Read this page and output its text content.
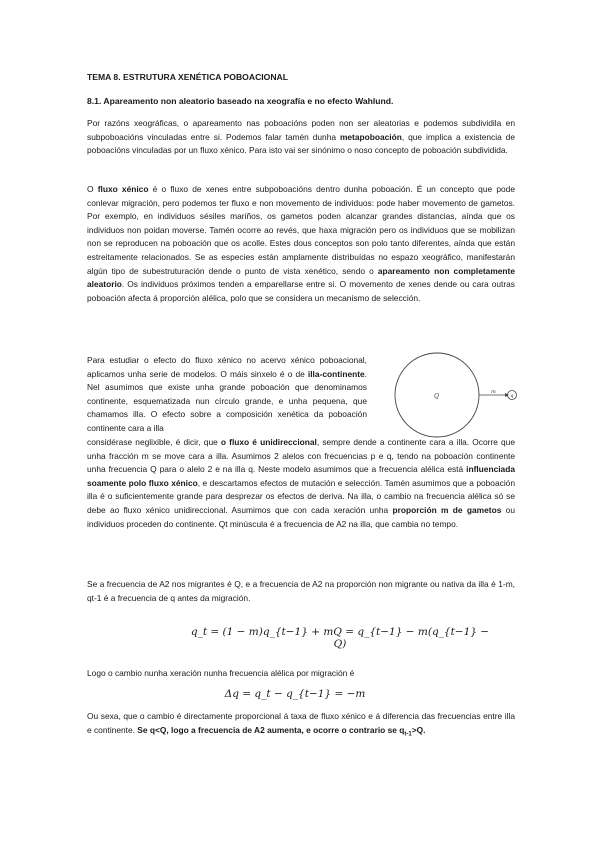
TEMA 8. ESTRUTURA XENÉTICA POBOACIONAL

8.1. Apareamento non aleatorio baseado na xeografía e no efecto Wahlund.

Por razóns xeográficas, o apareamento nas poboacións poden non ser aleatorias e podemos subdividila en subpoboacións vinculadas entre si. Podemos falar tamén dunha metapoboación, que implica a existencia de poboacións vinculadas por un fluxo xénico. Para isto vai ser sinónimo o noso concepto de poboación subdividida.

O fluxo xénico é o fluxo de xenes entre subpoboacións dentro dunha poboación. É un concepto que pode conlevar migración, pero podemos ter fluxo e non movemento de individuos: pode haber movemento de gametos. Por exemplo, en individuos sésiles mariños, os gametos poden alcanzar grandes distancias, aínda que os individuos non poidan moverse. Tamén ocorre ao revés, que haxa migración pero os individuos que se mobilizan non se reproducen na poboación que os acolle. Estes dous conceptos son polo tanto diferentes, aínda que están estreitamente relacionados. Se as especies están amplamente distribuídas no espazo xeográfico, manifestarán algún tipo de subestruturación dende o punto de vista xenético, sendo o apareamento non completamente aleatorio. Os individuos próximos tenden a emparellarse entre si. O movemento de xenes dende ou cara outras poboación afecta á proporción alélica, polo que se considera un mecanismo de selección.

Para estudiar o efecto do fluxo xénico no acervo xénico poboacional, aplicamos unha serie de modelos. O máis sinxelo é o de illa-continente. Nel asumimos que existe unha grande poboación que denominamos continente, esquematizada nun círculo grande, e unha pequena, que chamamos illa. O efecto sobre a composición xenética da poboación continente cara a illa

Q
m
q

considérase neglixible, é dicir, que o fluxo é unidireccional, sempre dende a continente cara a illa. Ocorre que unha fracción m se move cara a illa. Asumimos 2 alelos con frecuencias p e q, tendo na poboación continente unha frecuencia Q para o alelo 2 e na illa q. Neste modelo asumimos que a frecuencia alélica está influenciada soamente polo fluxo xénico, e descartamos efectos de mutación e selección. Tamén asumimos que a poboación illa é o suficientemente grande para desprezar os efectos de deriva. Na illa, o cambio na frecuencia alélica só se debe ao fluxo xénico unidireccional. Asumimos que con cada xeración unha proporción m de gametos ou individuos proceden do continente. Qt minúscula é a frecuencia de A2 na illa, que cambia no tempo.

Se a frecuencia de A2 nos migrantes é Q, e a frecuencia de A2 na proporción non migrante ou nativa da illa é 1-m, qt-1 é a frecuencia de q antes da migración.

q_t = (1 − m)q_{t−1} + mQ = q_{t−1} − m(q_{t−1} − Q)

Logo o cambio nunha xeración nunha frecuencia alélica por migración é

Δq = q_t − q_{t−1} = −m

Ou sexa, que o cambio é directamente proporcional á taxa de fluxo xénico e á diferencia das frecuencias entre illa e continente. Se q<Q, logo a frecuencia de A2 aumenta, e ocorre o contrario se $q_{t-1}>Q$.
